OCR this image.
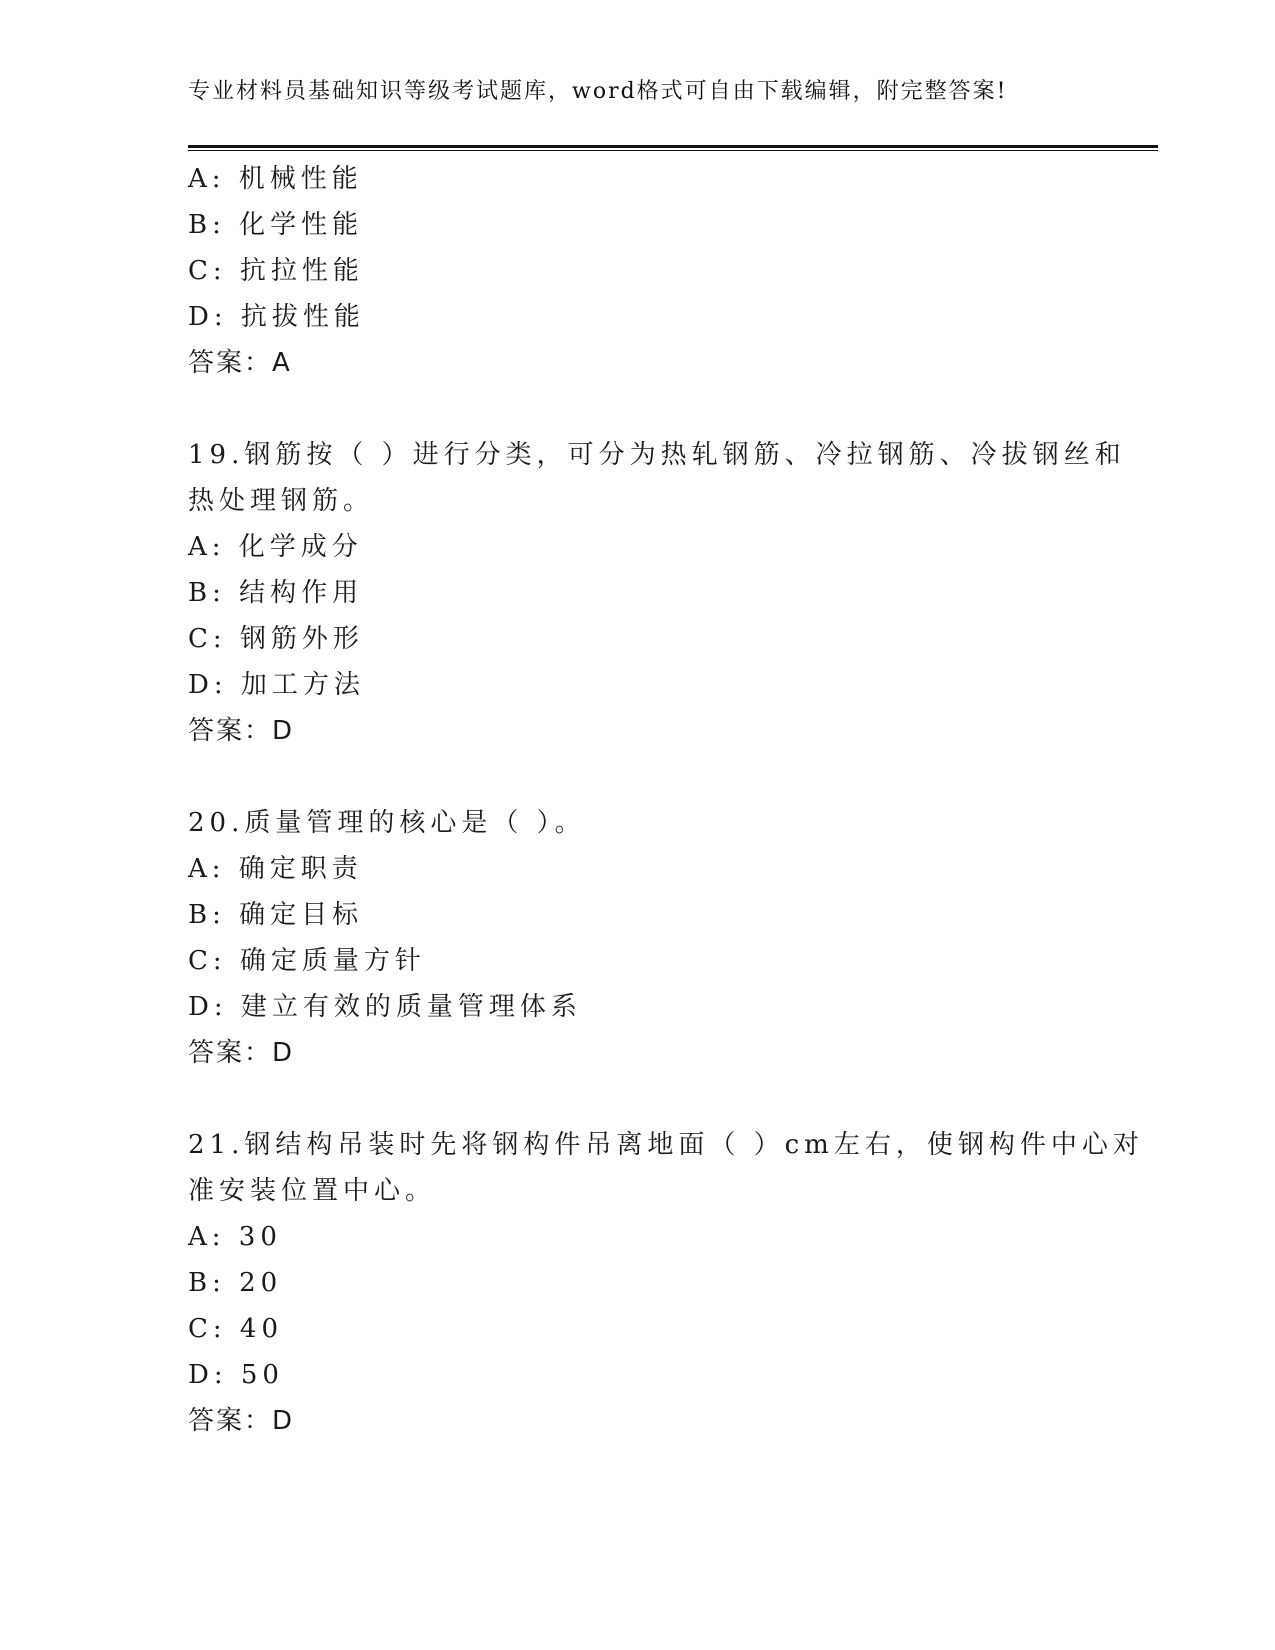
专业材料员基础知识等级考试题库，word格式可自由下载编辑，附完整答案!
A: 机械性能
B: 化学性能
C: 抗拉性能
D: 抗拔性能
答案：A
19.钢筋按（ ）进行分类，可分为热轧钢筋、冷拉钢筋、冷拔钢丝和
热处理钢筋。
A: 化学成分
B: 结构作用
C: 钢筋外形
D: 加工方法
答案：D
20.质量管理的核心是（ ）。
A: 确定职责
B: 确定目标
C: 确定质量方针
D: 建立有效的质量管理体系
答案：D
21.钢结构吊装时先将钢构件吊离地面（ ）cm左右，使钢构件中心对
准安装位置中心。
A: 30
B: 20
C: 40
D: 50
答案：D
